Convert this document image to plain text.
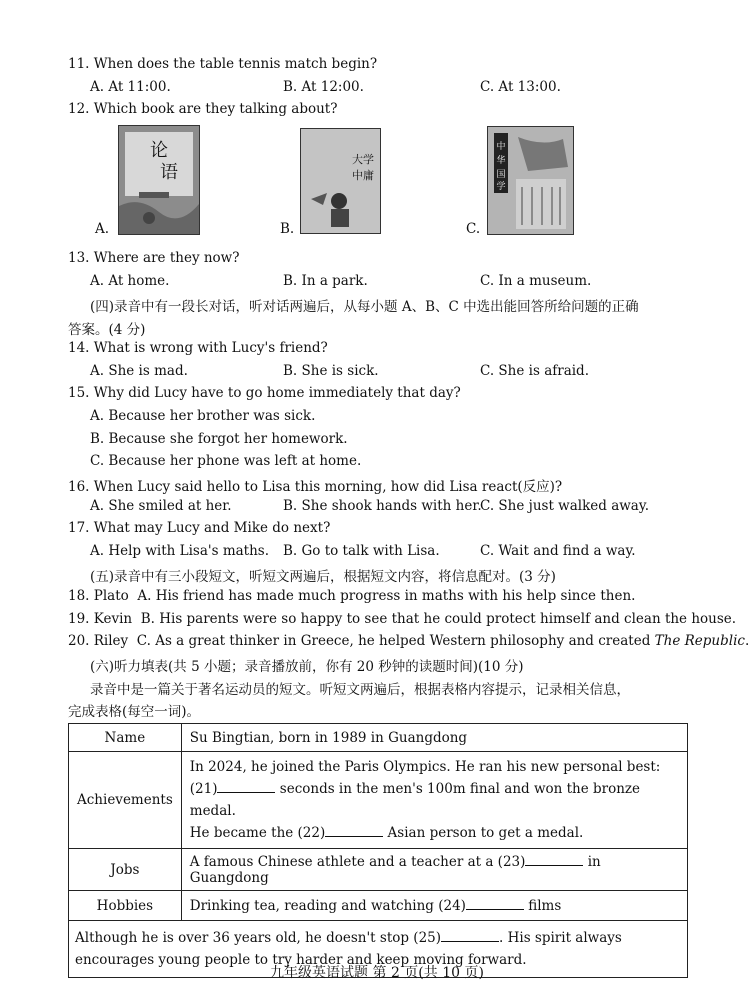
11. When does the table tennis match begin?
A. At 11:00.	B. At 12:00.	C. At 13:00.
12. Which book are they talking about?
A.
论
语
B.
大学
中庸
C.
中
华
国
学
13. Where are they now?
A. At home.	B. In a park.	C. In a museum.
(四)录音中有一段长对话，听对话两遍后，从每小题 A、B、C 中选出能回答所给问题的正确
答案。(4 分)
14. What is wrong with Lucy's friend?
A. She is mad.	B. She is sick.	C. She is afraid.
15. Why did Lucy have to go home immediately that day?
A. Because her brother was sick.
B. Because she forgot her homework.
C. Because her phone was left at home.
16. When Lucy said hello to Lisa this morning, how did Lisa react(反应)?
A. She smiled at her.	B. She shook hands with her.
C. She just walked away.
17. What may Lucy and Mike do next?
A. Help with Lisa's maths. B. Go to talk with Lisa.	C. Wait and find a way.
(五)录音中有三小段短文，听短文两遍后，根据短文内容，将信息配对。(3 分)
18. Plato A. His friend has made much progress in maths with his help since then.
19. Kevin B. His parents were so happy to see that he could protect himself and clean the house.
20. Riley C. As a great thinker in Greece, he helped Western philosophy and created The Republic.
(六)听力填表(共 5 小题；录音播放前，你有 20 秒钟的读题时间)(10 分)
录音中是一篇关于著名运动员的短文。听短文两遍后，根据表格内容提示，记录相关信息，
完成表格(每空一词)。
Name	Su Bingtian, born in 1989 in Guangdong
Achievements	In 2024, he joined the Paris Olympics. He ran his new personal best:
(21) seconds in the men's 100m final and won the bronze medal.
He became the (22) Asian person to get a medal.

Jobs	A famous Chinese athlete and a teacher at a (23) in Guangdong
Hobbies	Drinking tea, reading and watching (24) films

Although he is over 36 years old, he doesn't stop (25) . His spirit always
encourages young people to try harder and keep moving forward.	
九年级英语试题 第 2 页(共 10 页)
